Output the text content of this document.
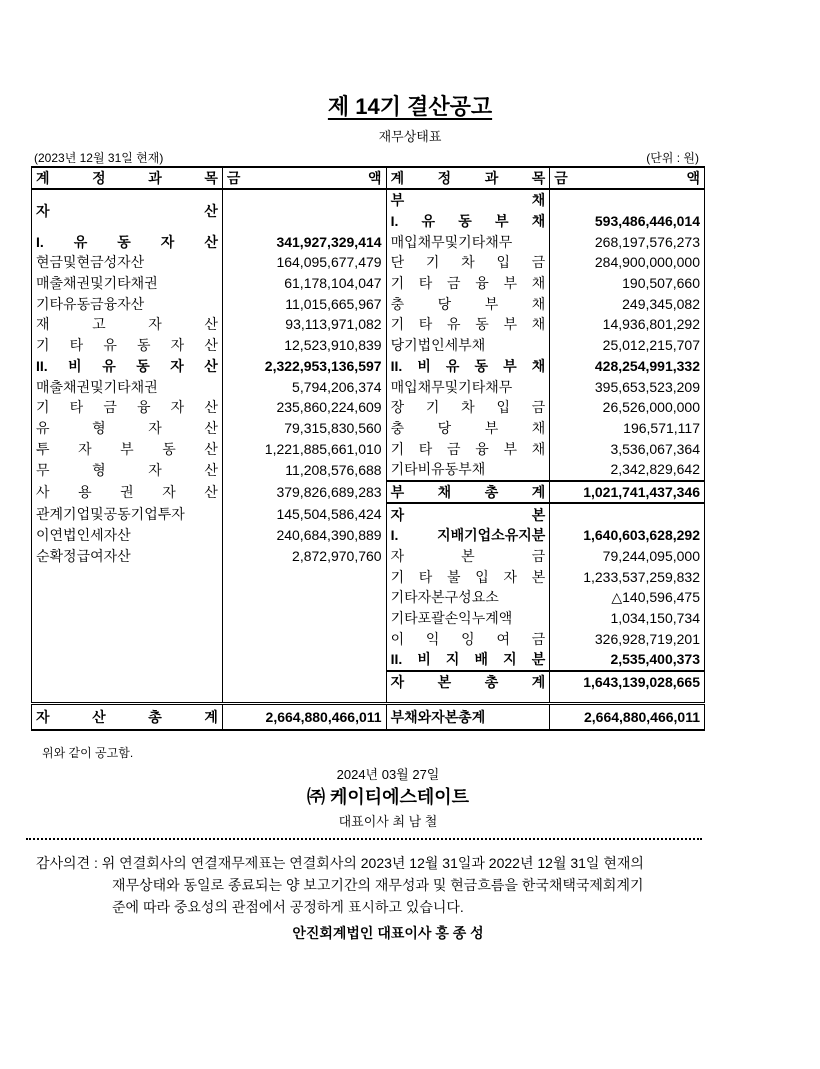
제 14기 결산공고
재무상태표
(2023년 12월 31일 현재)	(단위 : 원)
계 정 과 목	금 액	계 정 과 목	금 액

자 산		부 채	
		I. 유 동 부 채	593,486,446,014
I. 유 동 자 산	341,927,329,414	매입채무및기타채무	268,197,576,273
현금및현금성자산	164,095,677,479	단 기 차 입 금	284,900,000,000
매출채권및기타채권	61,178,104,047	기 타 금 융 부 채	190,507,660
기타유동금융자산	11,015,665,967	충 당 부 채	249,345,082
재 고 자 산	93,113,971,082	기 타 유 동 부 채	14,936,801,292
기 타 유 동 자 산	12,523,910,839	당기법인세부채	25,012,215,707
II. 비 유 동 자 산	2,322,953,136,597	II. 비 유 동 부 채	428,254,991,332
매출채권및기타채권	5,794,206,374	매입채무및기타채무	395,653,523,209
기 타 금 융 자 산	235,860,224,609	장 기 차 입 금	26,526,000,000
유 형 자 산	79,315,830,560	충 당 부 채	196,571,117
투 자 부 동 산	1,221,885,661,010	기 타 금 융 부 채	3,536,067,364
무 형 자 산	11,208,576,688	기타비유동부채	2,342,829,642
사 용 권 자 산	379,826,689,283	부 채 총 계	1,021,741,437,346
관계기업및공동기업투자	145,504,586,424	자 본	
이연법인세자산	240,684,390,889	I. 지배기업소유지분	1,640,603,628,292
순확정급여자산	2,872,970,760	자 본 금	79,244,095,000
		기 타 불 입 자 본	1,233,537,259,832
		기타자본구성요소	△140,596,475
		기타포괄손익누계액	1,034,150,734
		이 익 잉 여 금	326,928,719,201
		II. 비 지 배 지 분	2,535,400,373
		자 본 총 계	1,643,139,028,665

자 산 총 계	2,664,880,466,011	부채와자본총계	2,664,880,466,011
위와 같이 공고함.
2024년 03월 27일
㈜ 케이티에스테이트
대표이사 최 남 철
감사의견 : 위 연결회사의 연결재무제표는 연결회사의 2023년 12월 31일과 2022년 12월 31일 현재의
재무상태와 동일로 종료되는 양 보고기간의 재무성과 및 현금흐름을 한국채택국제회계기
준에 따라 중요성의 관점에서 공정하게 표시하고 있습니다.
안진회계법인 대표이사 홍 종 성
